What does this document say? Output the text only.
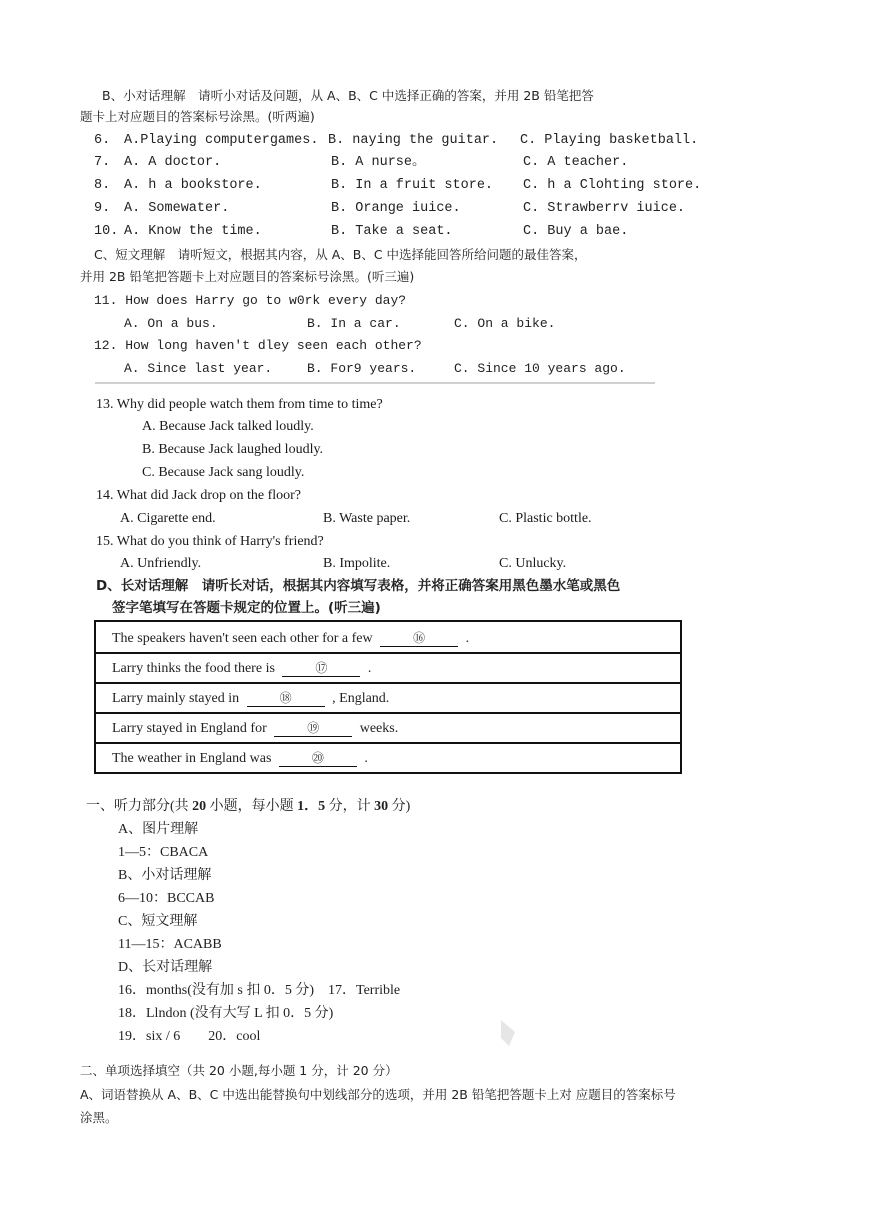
B、小对话理解　请听小对话及问题，从 A、B、C 中选择正确的答案，并用 2B 铅笔把答
题卡上对应题目的答案标号涂黑。(听两遍)
6. A.Playing computergames. B. naying the guitar. C. Playing basketball.
7. A. A doctor.	B. A nurse。	C. A teacher.
8. A. h a bookstore.	B. In a fruit store. C. h a Clohting store.
9. A. Somewater.	B. Orange iuice.	C. Strawberrv iuice.
10. A. Know the time.	B. Take a seat.	C. Buy a bae.
C、短文理解　请听短文，根据其内容，从 A、B、C 中选择能回答所给问题的最佳答案，
并用 2B 铅笔把答题卡上对应题目的答案标号涂黑。(听三遍)
11. How does Harry go to w0rk every day?
A. On a bus.	B. In a car.	C. On a bike.
12. How long haven't dley seen each other?
A. Since last year.	B. For9 years.	C. Since 10 years ago.
13. Why did people watch them from time to time?
A. Because Jack talked loudly.
B. Because Jack laughed loudly.
C. Because Jack sang loudly.
14. What did Jack drop on the floor?
A. Cigarette end.	B. Waste paper.	C. Plastic bottle.
15. What do you think of Harry's friend?
A. Unfriendly.	B. Impolite.	C. Unlucky.
D、长对话理解　请听长对话，根据其内容填写表格，并将正确答案用黑色墨水笔或黑色
签字笔填写在答题卡规定的位置上。(听三遍)
The speakers haven't seen each other for a few	⑯	.
Larry thinks the food there is	⑰	.
Larry mainly stayed in	⑱	, England.
Larry stayed in England for	⑲	weeks.
The weather in England was	⑳	.
一、听力部分(共 20 小题，每小题 1．5 分，计 30 分)
A、图片理解
1—5：CBACA
B、小对话理解
6—10：BCCAB
C、短文理解
11—15：ACABB
D、长对话理解
16．months(没有加 s 扣 0．5 分)　17．Terrible
18．Llndon (没有大写 L 扣 0．5 分)
19．six / 6　　20．cool
二、单项选择填空（共 20 小题,每小题 1 分，计 20 分）
A、词语替换从 A、B、C 中选出能替换句中划线部分的选项，并用 2B 铅笔把答题卡上对 应题目的答案标号
涂黑。
